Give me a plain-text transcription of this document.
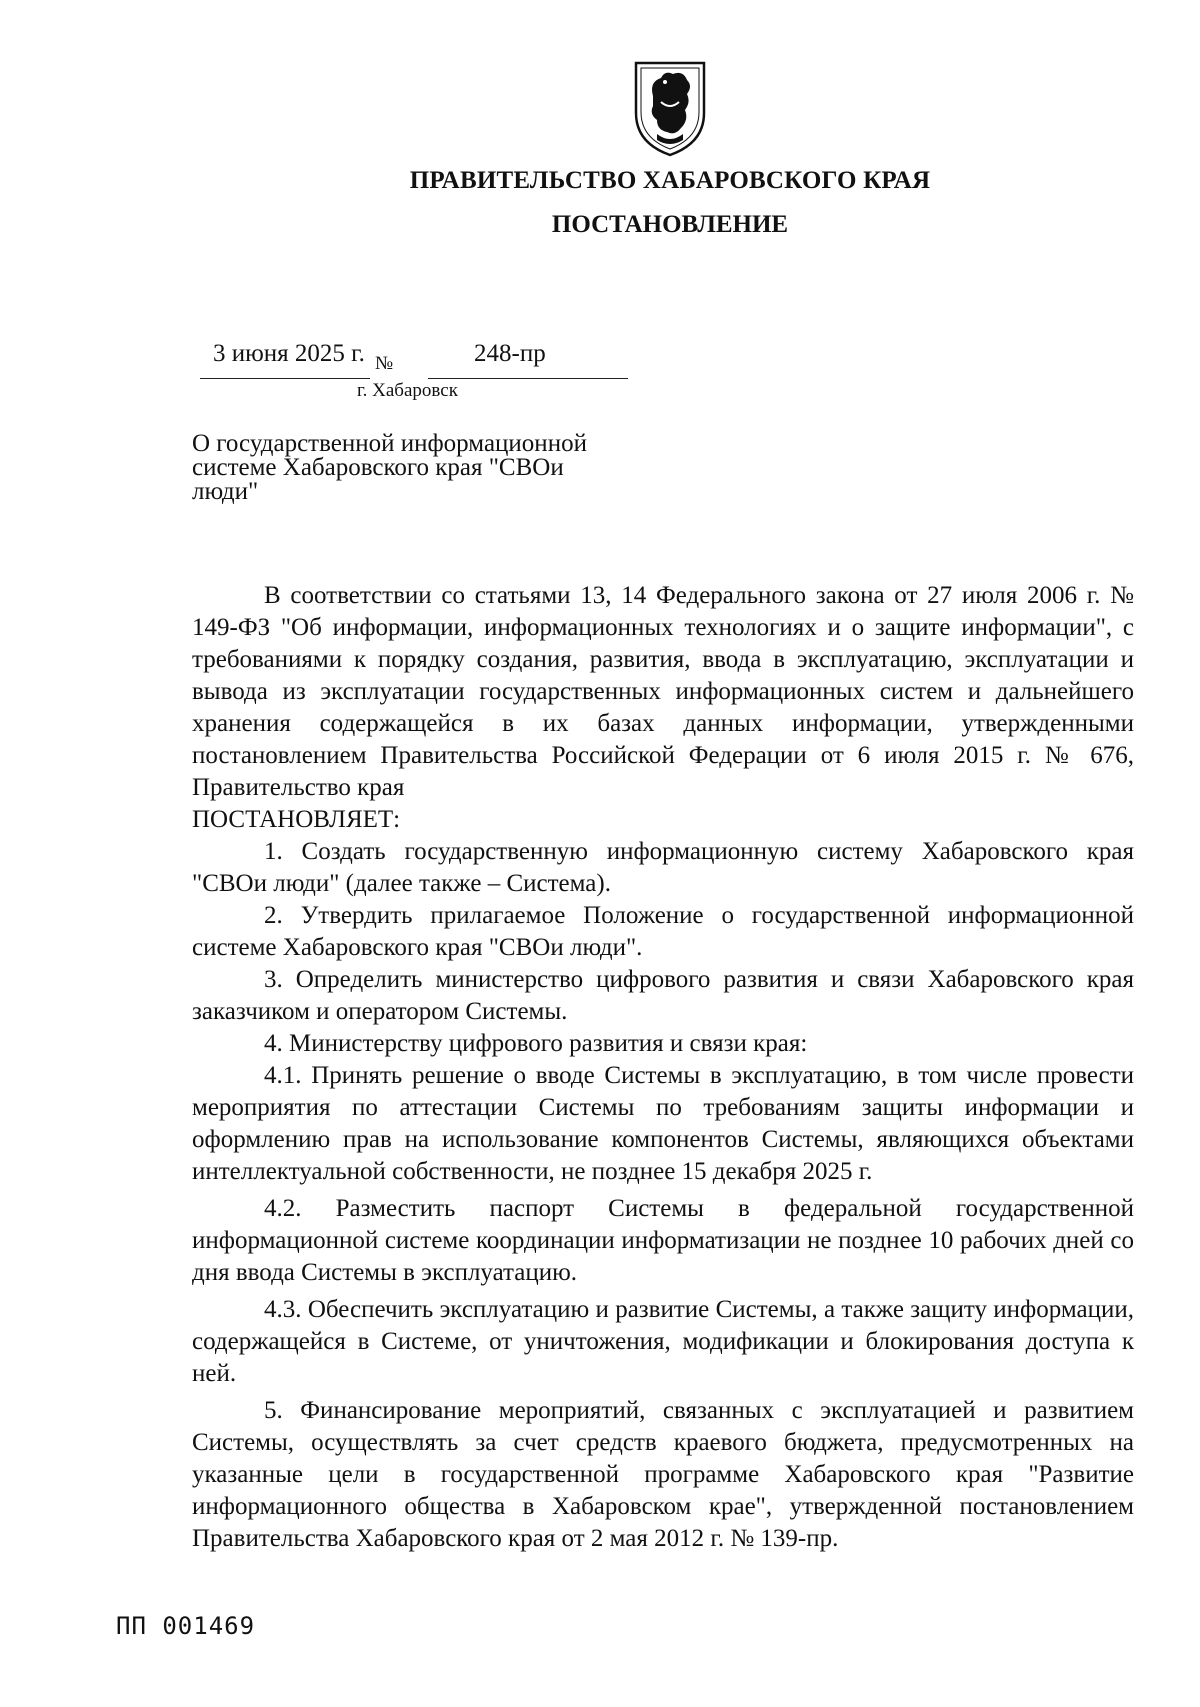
ПРАВИТЕЛЬСТВО ХАБАРОВСКОГО КРАЯ
ПОСТАНОВЛЕНИЕ
3 июня 2025 г. №	248-пр
г. Хабаровск
О государственной информационной системе Хабаровского края "СВОи люди"

В соответствии со статьями 13, 14 Федерального закона от 27 июля 2006 г. № 149-ФЗ "Об информации, информационных технологиях и о защите информации", с требованиями к порядку создания, развития, ввода в эксплуатацию, эксплуатации и вывода из эксплуатации государственных информационных систем и дальнейшего хранения содержащейся в их базах данных информации, утвержденными постановлением Правительства Российской Федерации от 6 июля 2015 г. № 676, Правительство края

ПОСТАНОВЛЯЕТ:

1. Создать государственную информационную систему Хабаровского края "СВОи люди" (далее также – Система).

2. Утвердить прилагаемое Положение о государственной информационной системе Хабаровского края "СВОи люди".

3. Определить министерство цифрового развития и связи Хабаровского края заказчиком и оператором Системы.

4. Министерству цифрового развития и связи края:

4.1. Принять решение о вводе Системы в эксплуатацию, в том числе провести мероприятия по аттестации Системы по требованиям защиты информации и оформлению прав на использование компонентов Системы, являющихся объектами интеллектуальной собственности, не позднее 15 декабря 2025 г.

4.2. Разместить паспорт Системы в федеральной государственной информационной системе координации информатизации не позднее 10 рабочих дней со дня ввода Системы в эксплуатацию.

4.3. Обеспечить эксплуатацию и развитие Системы, а также защиту информации, содержащейся в Системе, от уничтожения, модификации и блокирования доступа к ней.

5. Финансирование мероприятий, связанных с эксплуатацией и развитием Системы, осуществлять за счет средств краевого бюджета, предусмотренных на указанные цели в государственной программе Хабаровского края "Развитие информационного общества в Хабаровском крае", утвержденной постановлением Правительства Хабаровского края от 2 мая 2012 г. № 139-пр.

ПП 001469
